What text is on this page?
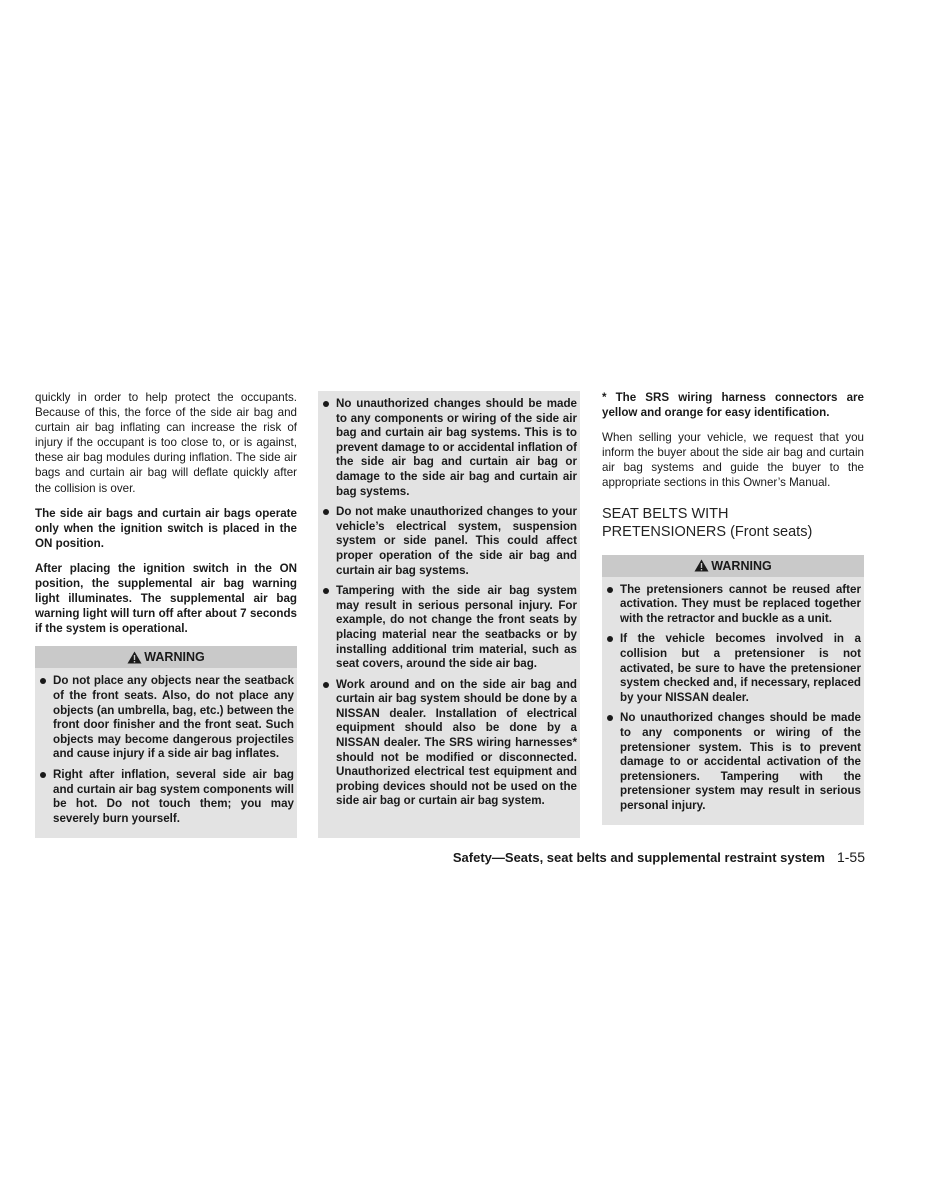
quickly in order to help protect the occupants. Because of this, the force of the side air bag and curtain air bag inflating can increase the risk of injury if the occupant is too close to, or is against, these air bag modules during inflation. The side air bags and curtain air bag will deflate quickly after the collision is over.

The side air bags and curtain air bags operate only when the ignition switch is placed in the ON position.

After placing the ignition switch in the ON position, the supplemental air bag warning light illuminates. The supplemental air bag warning light will turn off after about 7 seconds if the system is operational.

WARNING
Do not place any objects near the seatback of the front seats. Also, do not place any objects (an umbrella, bag, etc.) between the front door finisher and the front seat. Such objects may become dangerous projectiles and cause injury if a side air bag inflates.
Right after inflation, several side air bag and curtain air bag system components will be hot. Do not touch them; you may severely burn yourself.
No unauthorized changes should be made to any components or wiring of the side air bag and curtain air bag systems. This is to prevent damage to or accidental inflation of the side air bag and curtain air bag or damage to the side air bag and curtain air bag systems.
Do not make unauthorized changes to your vehicle’s electrical system, suspension system or side panel. This could affect proper operation of the side air bag and curtain air bag systems.
Tampering with the side air bag system may result in serious personal injury. For example, do not change the front seats by placing material near the seatbacks or by installing additional trim material, such as seat covers, around the side air bag.
Work around and on the side air bag and curtain air bag system should be done by a NISSAN dealer. Installation of electrical equipment should also be done by a NISSAN dealer. The SRS wiring harnesses* should not be modified or disconnected. Unauthorized electrical test equipment and probing devices should not be used on the side air bag or curtain air bag system.

* The SRS wiring harness connectors are yellow and orange for easy identification.

When selling your vehicle, we request that you inform the buyer about the side air bag and curtain air bag systems and guide the buyer to the appropriate sections in this Owner’s Manual.

SEAT BELTS WITH
PRETENSIONERS (Front seats)
WARNING
The pretensioners cannot be reused after activation. They must be replaced together with the retractor and buckle as a unit.
If the vehicle becomes involved in a collision but a pretensioner is not activated, be sure to have the pretensioner system checked and, if necessary, replaced by your NISSAN dealer.
No unauthorized changes should be made to any components or wiring of the pretensioner system. This is to prevent damage to or accidental activation of the pretensioners. Tampering with the pretensioner system may result in serious personal injury.
Safety—Seats, seat belts and supplemental restraint system 1-55
